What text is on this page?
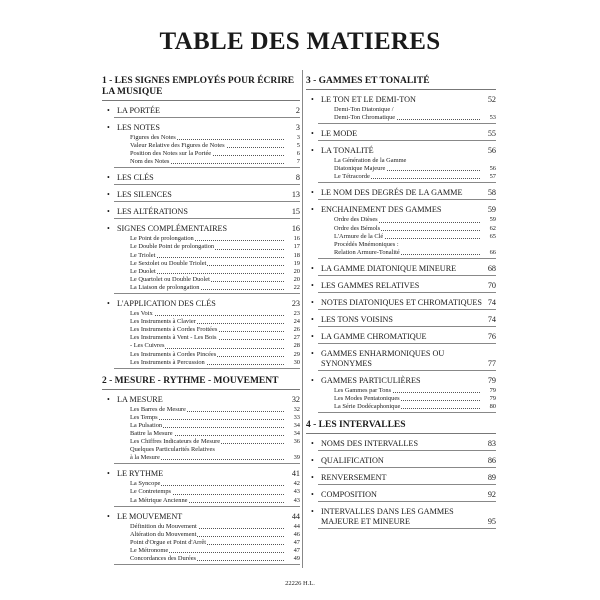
TABLE DES MATIERES
1 - LES SIGNES EMPLOYÉS POUR ÉCRIRE LA MUSIQUE
• LA PORTÉE	2
• LES NOTES	3
Figures des Notes	3
Valeur Relative des Figures de Notes	5
Position des Notes sur la Portée	6
Nom des Notes	7
• LES CLÉS	8
• LES SILENCES	13
• LES ALTÉRATIONS	15
• SIGNES COMPLÉMENTAIRES	16
Le Point de prolongation	16
Le Double Point de prolongation	17
Le Triolet	18
Le Sextolet ou Double Triolet	19
Le Duolet	20
Le Quartolet ou Double Duolet	20
La Liaison de prolongation	22
• L'APPLICATION DES CLÉS	23
Les Voix	23
Les Instruments à Clavier	24
Les Instruments à Cordes Frottées	26
Les Instruments à Vent - Les Bois	27
- Les Cuivres	28
Les Instruments à Cordes Pincées	29
Les Instruments à Percussion	30
2 - MESURE - RYTHME - MOUVEMENT
• LA MESURE	32
Les Barres de Mesure	32
Les Temps	33
La Pulsation	34
Battre la Mesure	34
Les Chiffres Indicateurs de Mesure	36
Quelques Particularités Relatives
à la Mesure	39
• LE RYTHME	41
La Syncope	42
Le Contretemps	43
La Métrique Ancienne	43
• LE MOUVEMENT	44
Définition du Mouvement	44
Altération du Mouvement	46
Point d'Orgue et Point d'Arrêt	47
Le Métronome	47
Concordances des Durées	49
3 - GAMMES ET TONALITÉ
• LE TON ET LE DEMI-TON	52
Demi-Ton Diatonique /
Demi-Ton Chromatique	53
• LE MODE	55
• LA TONALITÉ	56
La Génération de la Gamme
Diatonique Majeure	56
Le Tétracorde	57
• LE NOM DES DEGRÉS DE LA GAMME	58
• ENCHAINEMENT DES GAMMES	59
Ordre des Dièses	59
Ordre des Bémols	62
L'Armure de la Clé	65
Procédés Mnémoniques :
Relation Armure-Tonalité	66
• LA GAMME DIATONIQUE MINEURE	68
• LES GAMMES RELATIVES	70
• NOTES DIATONIQUES ET CHROMATIQUES 74
• LES TONS VOISINS	74
• LA GAMME CHROMATIQUE	76
• GAMMES ENHARMONIQUES OU SYNONYMES	77
• GAMMES PARTICULIÈRES	79
Les Gammes par Tons	79
Les Modes Pentatoniques	79
La Série Dodécaphonique	80
4 - LES INTERVALLES
• NOMS DES INTERVALLES	83
• QUALIFICATION	86
• RENVERSEMENT	89
• COMPOSITION	92
• INTERVALLES DANS LES GAMMES MAJEURE ET MINEURE	95
22226 H.L.
